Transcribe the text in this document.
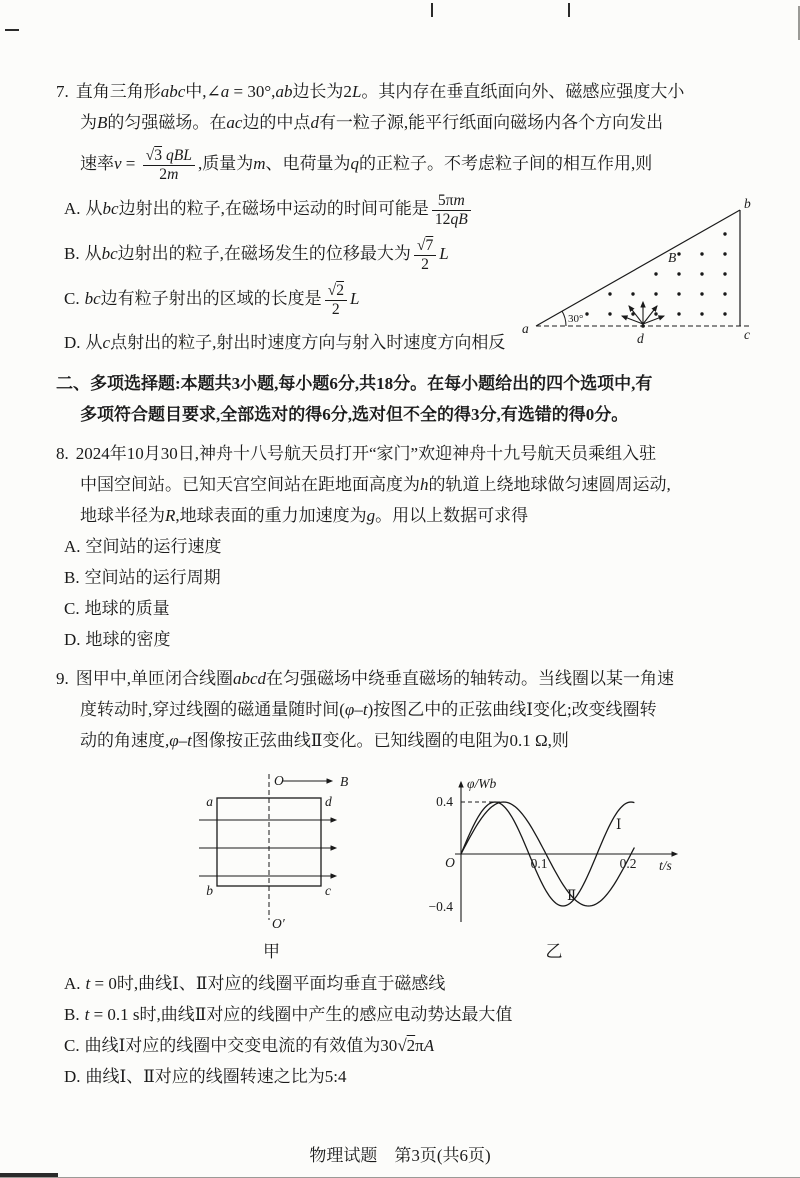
30°
a
b
c
d
B
7. 直角三角形abc中,∠a = 30°,ab边长为2L。其内存在垂直纸面向外、磁感应强度大小
为B的匀强磁场。在ac边的中点d有一粒子源,能平行纸面向磁场内各个方向发出
速率$v = \frac{\text{√3 qBL}}{2m}$ ,质量为m、电荷量为q的正粒子。不考虑粒子间的相互作用,则
A. 从bc边射出的粒子,在磁场中运动的时间可能是 $\frac{5\pi m}{12qB}$
B. 从bc边射出的粒子,在磁场发生的位移最大为 $\frac{√7}{2}$ L
C. bc边有粒子射出的区域的长度是 $\frac{√2}{2}$ L
D. 从c点射出的粒子,射出时速度方向与射入时速度方向相反
二、多项选择题:本题共3小题,每小题6分,共18分。在每小题给出的四个选项中,有
多项符合题目要求,全部选对的得6分,选对但不全的得3分,有选错的得0分。
8. 2024年10月30日,神舟十八号航天员打开“家门”欢迎神舟十九号航天员乘组入驻
中国空间站。已知天宫空间站在距地面高度为h的轨道上绕地球做匀速圆周运动,
地球半径为R,地球表面的重力加速度为g。用以上数据可求得
A. 空间站的运行速度
B. 空间站的运行周期
C. 地球的质量
D. 地球的密度
9. 图甲中,单匝闭合线圈abcd在匀强磁场中绕垂直磁场的轴转动。当线圈以某一角速
度转动时,穿过线圈的磁通量随时间(φ–t)按图乙中的正弦曲线Ⅰ变化;改变线圈转
动的角速度,φ–t图像按正弦曲线Ⅱ变化。已知线圈的电阻为0.1 Ω,则
O
O′
B
a	d
b	c
甲
φ/Wb
t/s
O
0.4
−0.4
0.1	0.2
Ⅰ
Ⅱ
乙
A. t = 0时,曲线Ⅰ、Ⅱ对应的线圈平面均垂直于磁感线
B. t = 0.1 s时,曲线Ⅱ对应的线圈中产生的感应电动势达最大值
C. 曲线Ⅰ对应的线圈中交变电流的有效值为30√2πA
D. 曲线Ⅰ、Ⅱ对应的线圈转速之比为5:4
物理试题　第3页(共6页)
